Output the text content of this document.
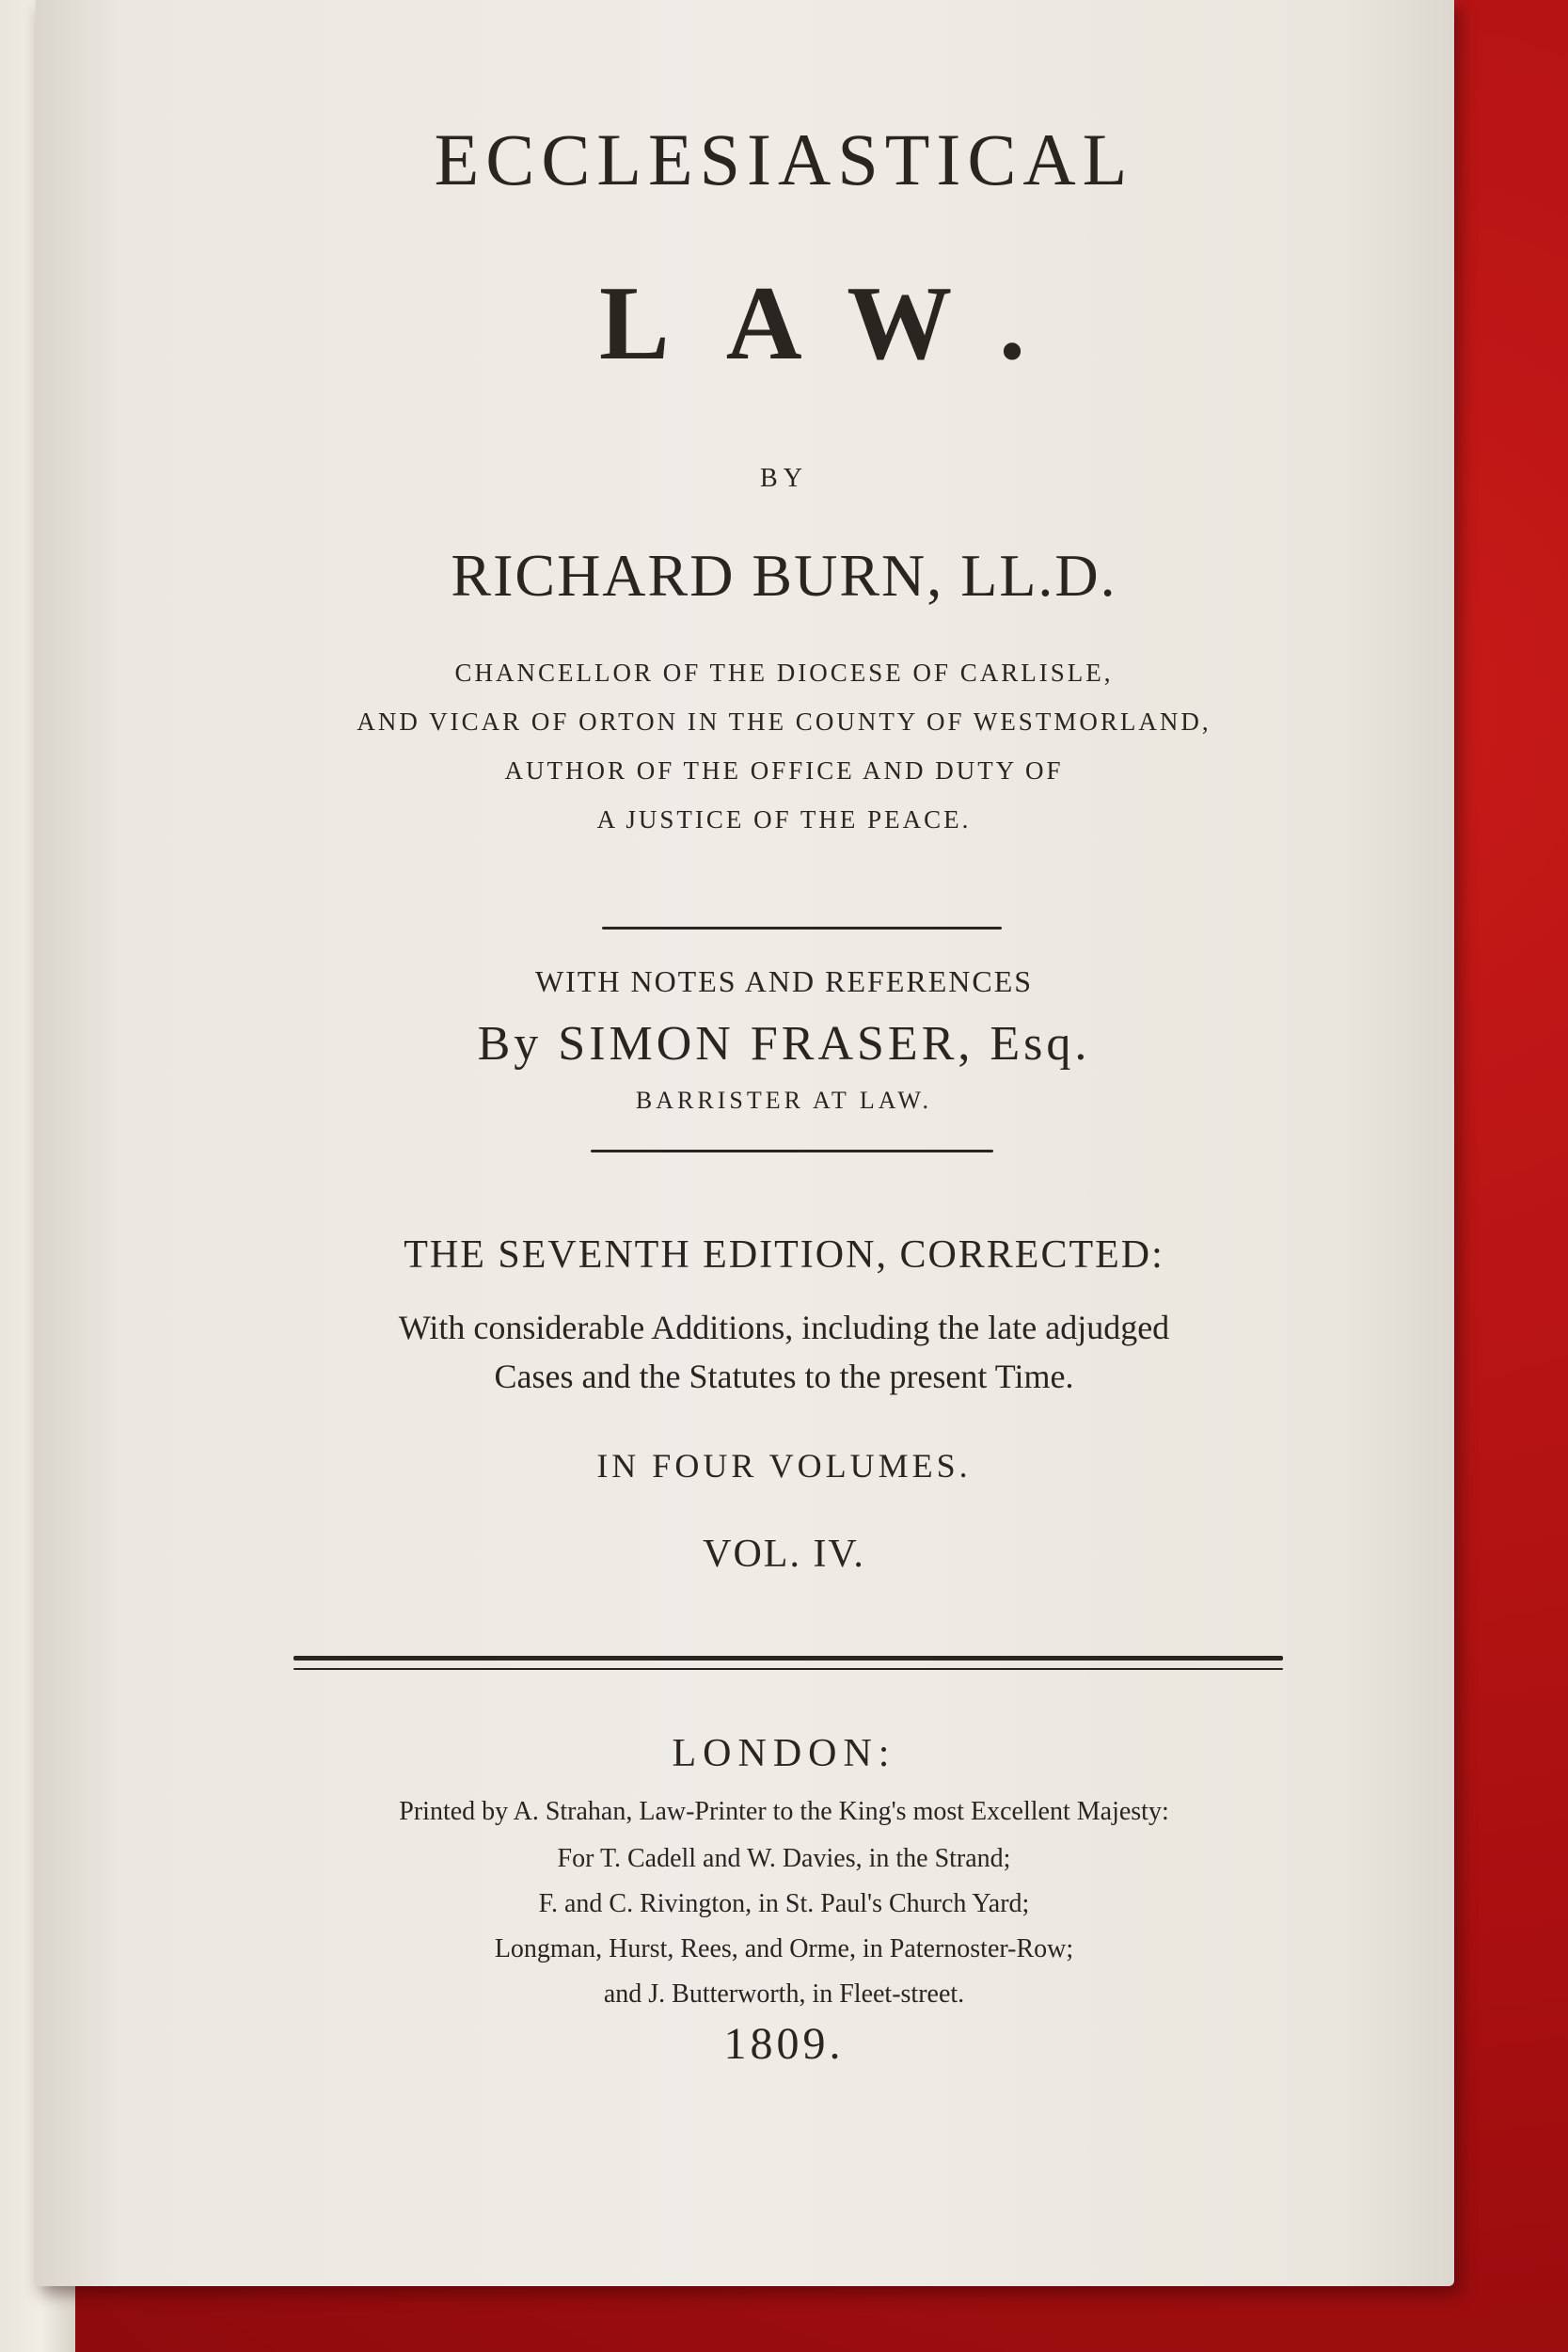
ECCLESIASTICAL
LAW.
BY
RICHARD BURN, LL.D.
CHANCELLOR OF THE DIOCESE OF CARLISLE,
AND VICAR OF ORTON IN THE COUNTY OF WESTMORLAND,
AUTHOR OF THE OFFICE AND DUTY OF
A JUSTICE OF THE PEACE.
WITH NOTES AND REFERENCES
By SIMON FRASER, Esq.
BARRISTER AT LAW.
THE SEVENTH EDITION, CORRECTED:
With considerable Additions, including the late adjudged
Cases and the Statutes to the present Time.
IN FOUR VOLUMES.
VOL. IV.
LONDON:
Printed by A. Strahan, Law-Printer to the King's most Excellent Majesty:
For T. Cadell and W. Davies, in the Strand;
F. and C. Rivington, in St. Paul's Church Yard;
Longman, Hurst, Rees, and Orme, in Paternoster-Row;
and J. Butterworth, in Fleet-street.
1809.
